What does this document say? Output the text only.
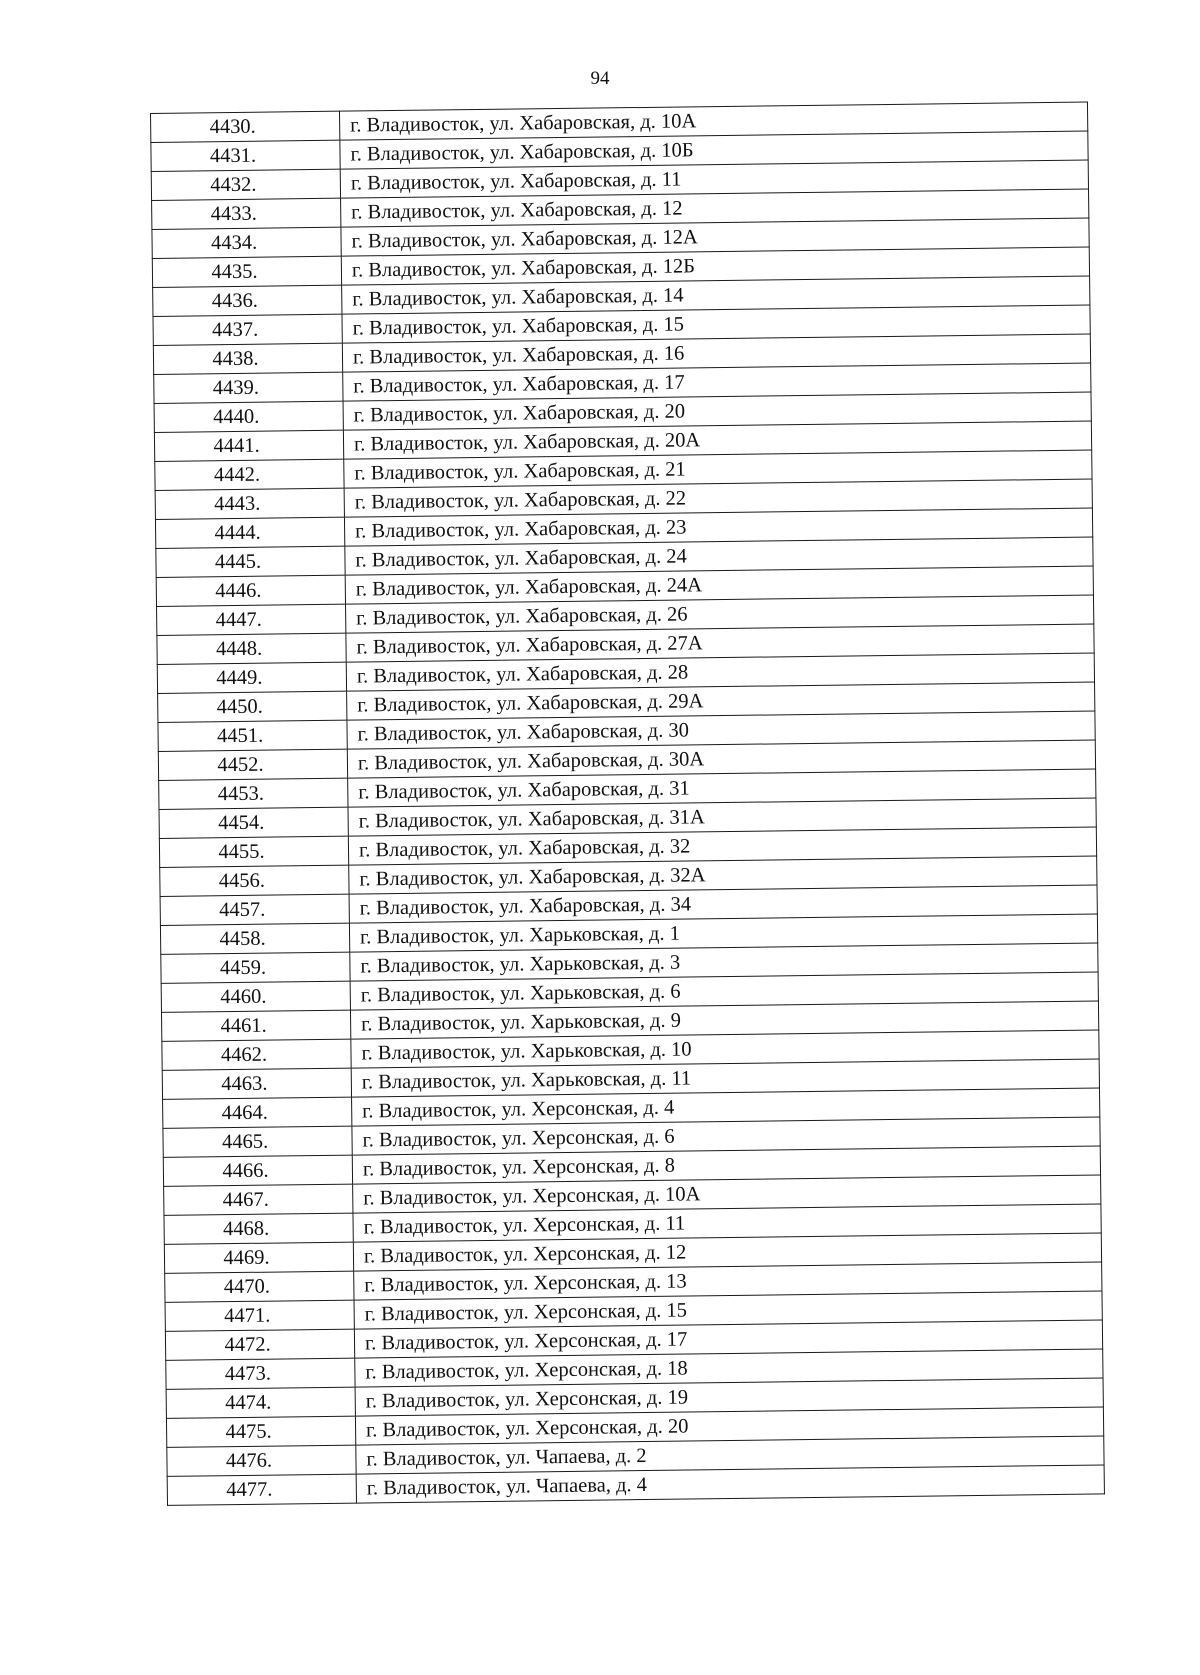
94
4430.	г. Владивосток, ул. Хабаровская, д. 10А
4431.	г. Владивосток, ул. Хабаровская, д. 10Б
4432.	г. Владивосток, ул. Хабаровская, д. 11
4433.	г. Владивосток, ул. Хабаровская, д. 12
4434.	г. Владивосток, ул. Хабаровская, д. 12А
4435.	г. Владивосток, ул. Хабаровская, д. 12Б
4436.	г. Владивосток, ул. Хабаровская, д. 14
4437.	г. Владивосток, ул. Хабаровская, д. 15
4438.	г. Владивосток, ул. Хабаровская, д. 16
4439.	г. Владивосток, ул. Хабаровская, д. 17
4440.	г. Владивосток, ул. Хабаровская, д. 20
4441.	г. Владивосток, ул. Хабаровская, д. 20А
4442.	г. Владивосток, ул. Хабаровская, д. 21
4443.	г. Владивосток, ул. Хабаровская, д. 22
4444.	г. Владивосток, ул. Хабаровская, д. 23
4445.	г. Владивосток, ул. Хабаровская, д. 24
4446.	г. Владивосток, ул. Хабаровская, д. 24А
4447.	г. Владивосток, ул. Хабаровская, д. 26
4448.	г. Владивосток, ул. Хабаровская, д. 27А
4449.	г. Владивосток, ул. Хабаровская, д. 28
4450.	г. Владивосток, ул. Хабаровская, д. 29А
4451.	г. Владивосток, ул. Хабаровская, д. 30
4452.	г. Владивосток, ул. Хабаровская, д. 30А
4453.	г. Владивосток, ул. Хабаровская, д. 31
4454.	г. Владивосток, ул. Хабаровская, д. 31А
4455.	г. Владивосток, ул. Хабаровская, д. 32
4456.	г. Владивосток, ул. Хабаровская, д. 32А
4457.	г. Владивосток, ул. Хабаровская, д. 34
4458.	г. Владивосток, ул. Харьковская, д. 1
4459.	г. Владивосток, ул. Харьковская, д. 3
4460.	г. Владивосток, ул. Харьковская, д. 6
4461.	г. Владивосток, ул. Харьковская, д. 9
4462.	г. Владивосток, ул. Харьковская, д. 10
4463.	г. Владивосток, ул. Харьковская, д. 11
4464.	г. Владивосток, ул. Херсонская, д. 4
4465.	г. Владивосток, ул. Херсонская, д. 6
4466.	г. Владивосток, ул. Херсонская, д. 8
4467.	г. Владивосток, ул. Херсонская, д. 10А
4468.	г. Владивосток, ул. Херсонская, д. 11
4469.	г. Владивосток, ул. Херсонская, д. 12
4470.	г. Владивосток, ул. Херсонская, д. 13
4471.	г. Владивосток, ул. Херсонская, д. 15
4472.	г. Владивосток, ул. Херсонская, д. 17
4473.	г. Владивосток, ул. Херсонская, д. 18
4474.	г. Владивосток, ул. Херсонская, д. 19
4475.	г. Владивосток, ул. Херсонская, д. 20
4476.	г. Владивосток, ул. Чапаева, д. 2
4477.	г. Владивосток, ул. Чапаева, д. 4
